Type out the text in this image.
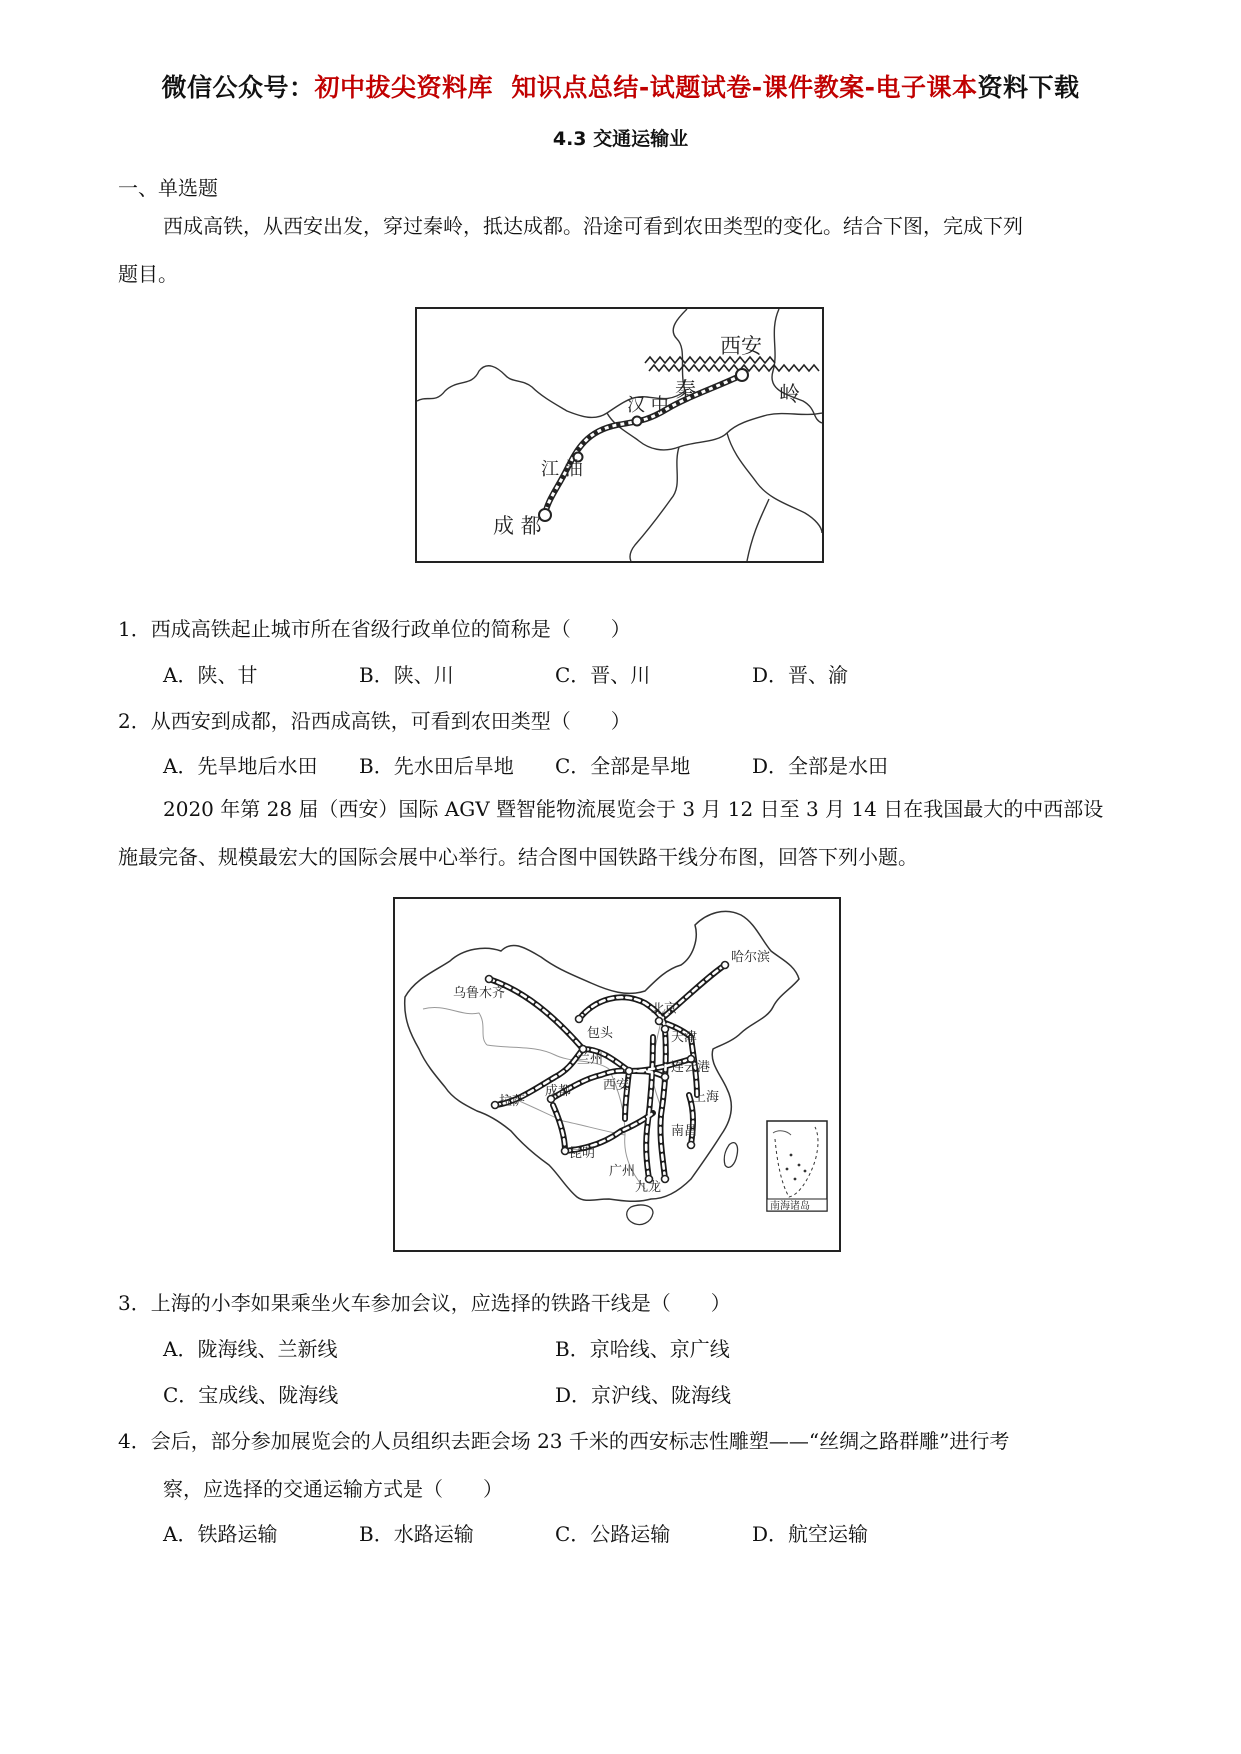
微信公众号：初中拔尖资料库 知识点总结-试题试卷-课件教案-电子课本资料下载
4.3 交通运输业
一、单选题
西成高铁，从西安出发，穿过秦岭，抵达成都。沿途可看到农田类型的变化。结合下图，完成下列
题目。
西安
秦	岭
汉 中
江 油
成 都
1．西成高铁起止城市所在省级行政单位的简称是（　　）
A．陕、甘	B．陕、川	C．晋、川	D．晋、渝
2．从西安到成都，沿西成高铁，可看到农田类型（　　）
A．先旱地后水田 B．先水田后旱地 C．全部是旱地	D．全部是水田
2020 年第 28 届（西安）国际 AGV 暨智能物流展览会于 3 月 12 日至 3 月 14 日在我国最大的中西部设
施最完备、规模最宏大的国际会展中心举行。结合图中国铁路干线分布图，回答下列小题。
哈尔滨
乌鲁木齐
北京
天津
包头
兰州
连云港
西安
上海
拉萨
成都
南昌
昆明
广州
九龙
南海诸岛
3．上海的小李如果乘坐火车参加会议，应选择的铁路干线是（　　）
A．陇海线、兰新线	B．京哈线、京广线
C．宝成线、陇海线	D．京沪线、陇海线
4．会后，部分参加展览会的人员组织去距会场 23 千米的西安标志性雕塑——“丝绸之路群雕”进行考
察，应选择的交通运输方式是（　　）
A．铁路运输	B．水路运输	C．公路运输	D．航空运输
